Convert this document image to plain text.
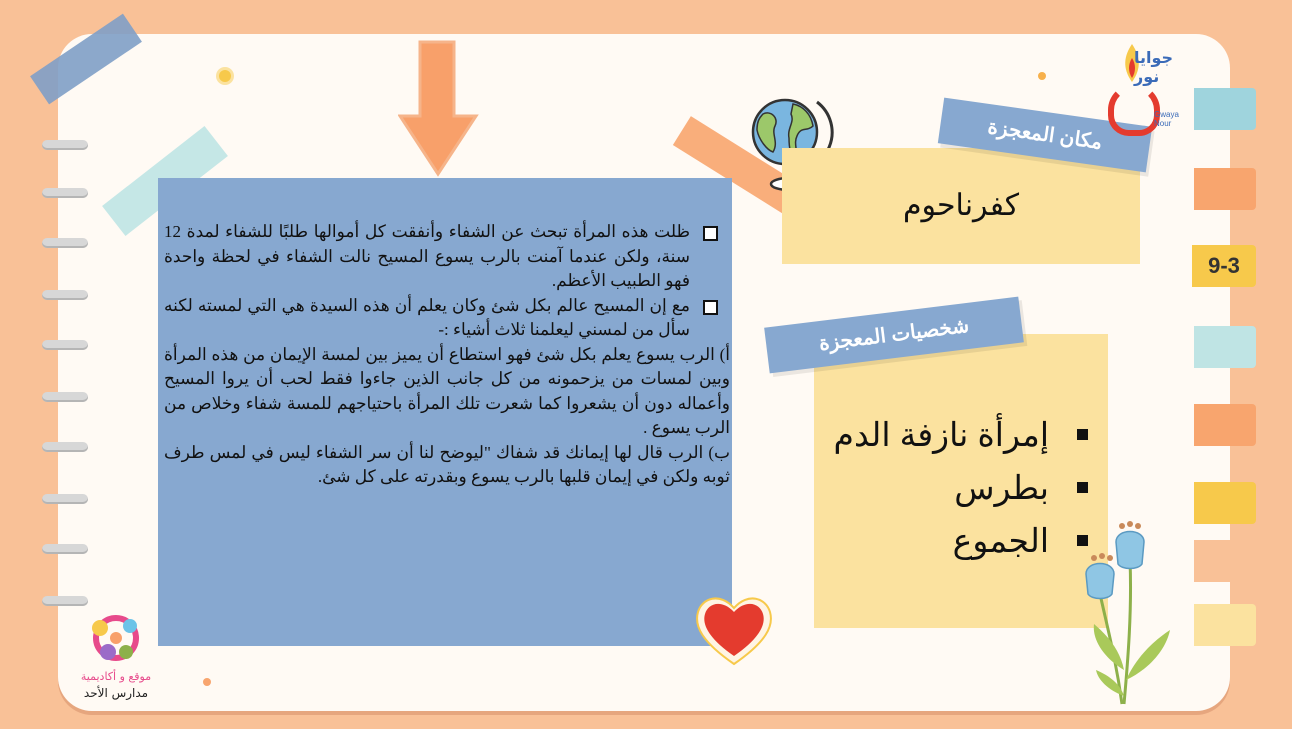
9-3

ظلت هذه المرأة تبحث عن الشفاء وأنفقت كل أموالها طلبًا للشفاء لمدة 12 سنة، ولكن عندما آمنت بالرب يسوع المسيح نالت الشفاء في لحظة واحدة فهو الطبيب الأعظم.

مع إن المسيح عالم بكل شئ وكان يعلم أن هذه السيدة هي التي لمسته لكنه سأل من لمسني ليعلمنا ثلاث أشياء :-

أ) الرب يسوع يعلم بكل شئ فهو استطاع أن يميز بين لمسة الإيمان من هذه المرأة وبين لمسات من يزحمونه من كل جانب الذين جاءوا فقط لحب أن يروا المسيح وأعماله دون أن يشعروا كما شعرت تلك المرأة باحتياجهم للمسة شفاء وخلاص من الرب يسوع .

ب) الرب قال لها إيمانك قد شفاك "ليوضح لنا أن سر الشفاء ليس في لمس طرف ثوبه ولكن في إيمان قلبها بالرب يسوع وبقدرته على كل شئ.

مكان المعجزة
كفرناحوم
شخصيات المعجزة
إمرأة نازفة الدم
بطرس
الجموع
جوايا نور
Gwaya
Nour
موقع و أكاديمية
مدارس الأحد
